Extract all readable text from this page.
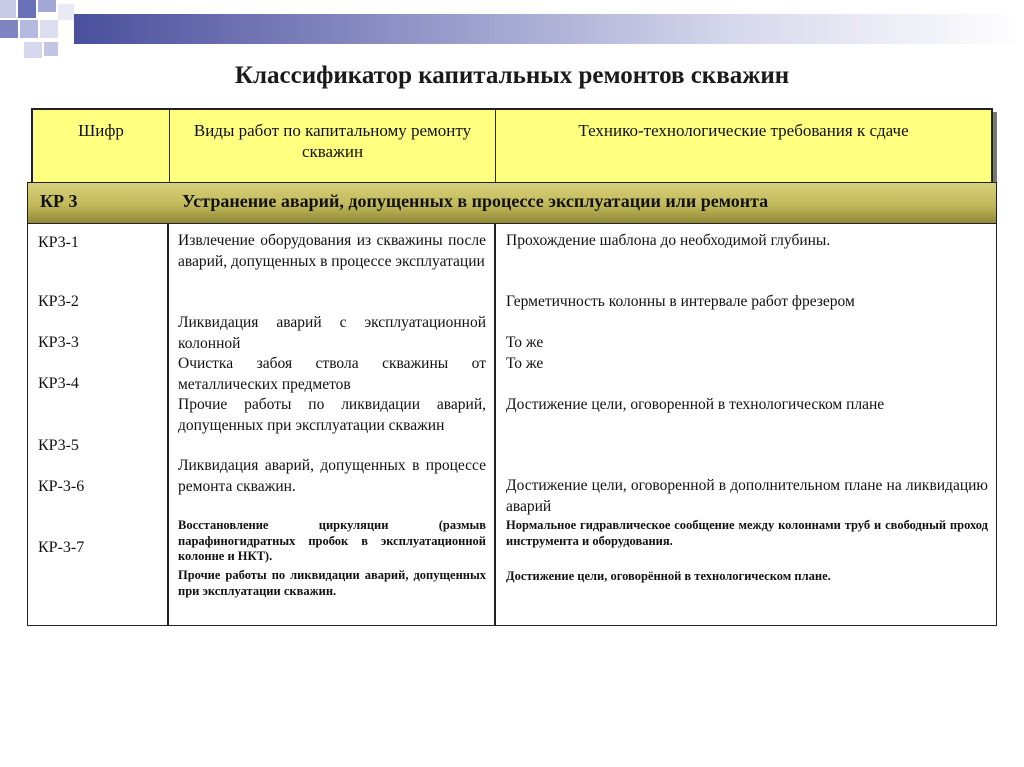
Классификатор капитальных ремонтов скважин
Шифр	Виды работ по капитальному ремонту скважин
Технико-технологические требования к сдаче
КР 3	Устранение аварий, допущенных в процессе эксплуатации или ремонта
КР3-1
КР3-2
КР3-3
КР3-4
КР3-5
КР-3-6
КР-3-7
Извлечение оборудования из скважины после аварий, допущенных в процессе эксплуатации
Ликвидация аварий с эксплуатационной колонной
Очистка забоя ствола скважины от металлических предметов
Прочие работы по ликвидации аварий, допущенных при эксплуатации скважин
Ликвидация аварий, допущенных в процессе ремонта скважин.
Восстановление циркуляции (размыв парафиногидратных пробок в эксплуатационной колонне и НКТ).
Прочие работы по ликвидации аварий, допущенных при эксплуатации скважин.
Прохождение шаблона до необходимой глубины.
Герметичность колонны в интервале работ фрезером
То же
То же
Достижение цели, оговоренной в технологическом плане
Достижение цели, оговоренной в дополнительном плане на ликвидацию аварий
Нормальное гидравлическое сообщение между колоннами труб и свободный проход инструмента и оборудования.
Достижение цели, оговорённой в технологическом плане.
